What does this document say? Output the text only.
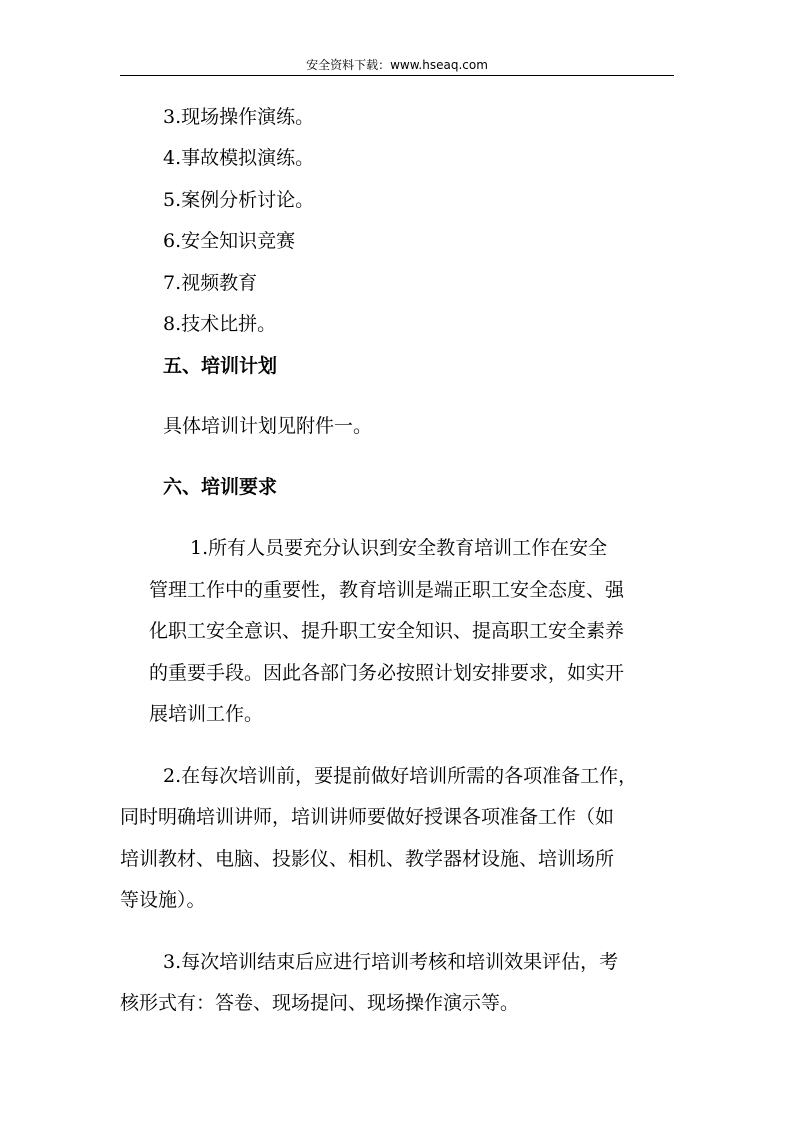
安全资料下载：www.hseaq.com
3.现场操作演练。
4.事故模拟演练。
5.案例分析讨论。
6.安全知识竞赛
7.视频教育
8.技术比拼。
五、培训计划
具体培训计划见附件一。
六、培训要求
1.所有人员要充分认识到安全教育培训工作在安全
管理工作中的重要性，教育培训是端正职工安全态度、强
化职工安全意识、提升职工安全知识、提高职工安全素养
的重要手段。因此各部门务必按照计划安排要求，如实开
展培训工作。
2.在每次培训前，要提前做好培训所需的各项准备工作，
同时明确培训讲师，培训讲师要做好授课各项准备工作（如
培训教材、电脑、投影仪、相机、教学器材设施、培训场所
等设施）。
3.每次培训结束后应进行培训考核和培训效果评估，考
核形式有：答卷、现场提问、现场操作演示等。
